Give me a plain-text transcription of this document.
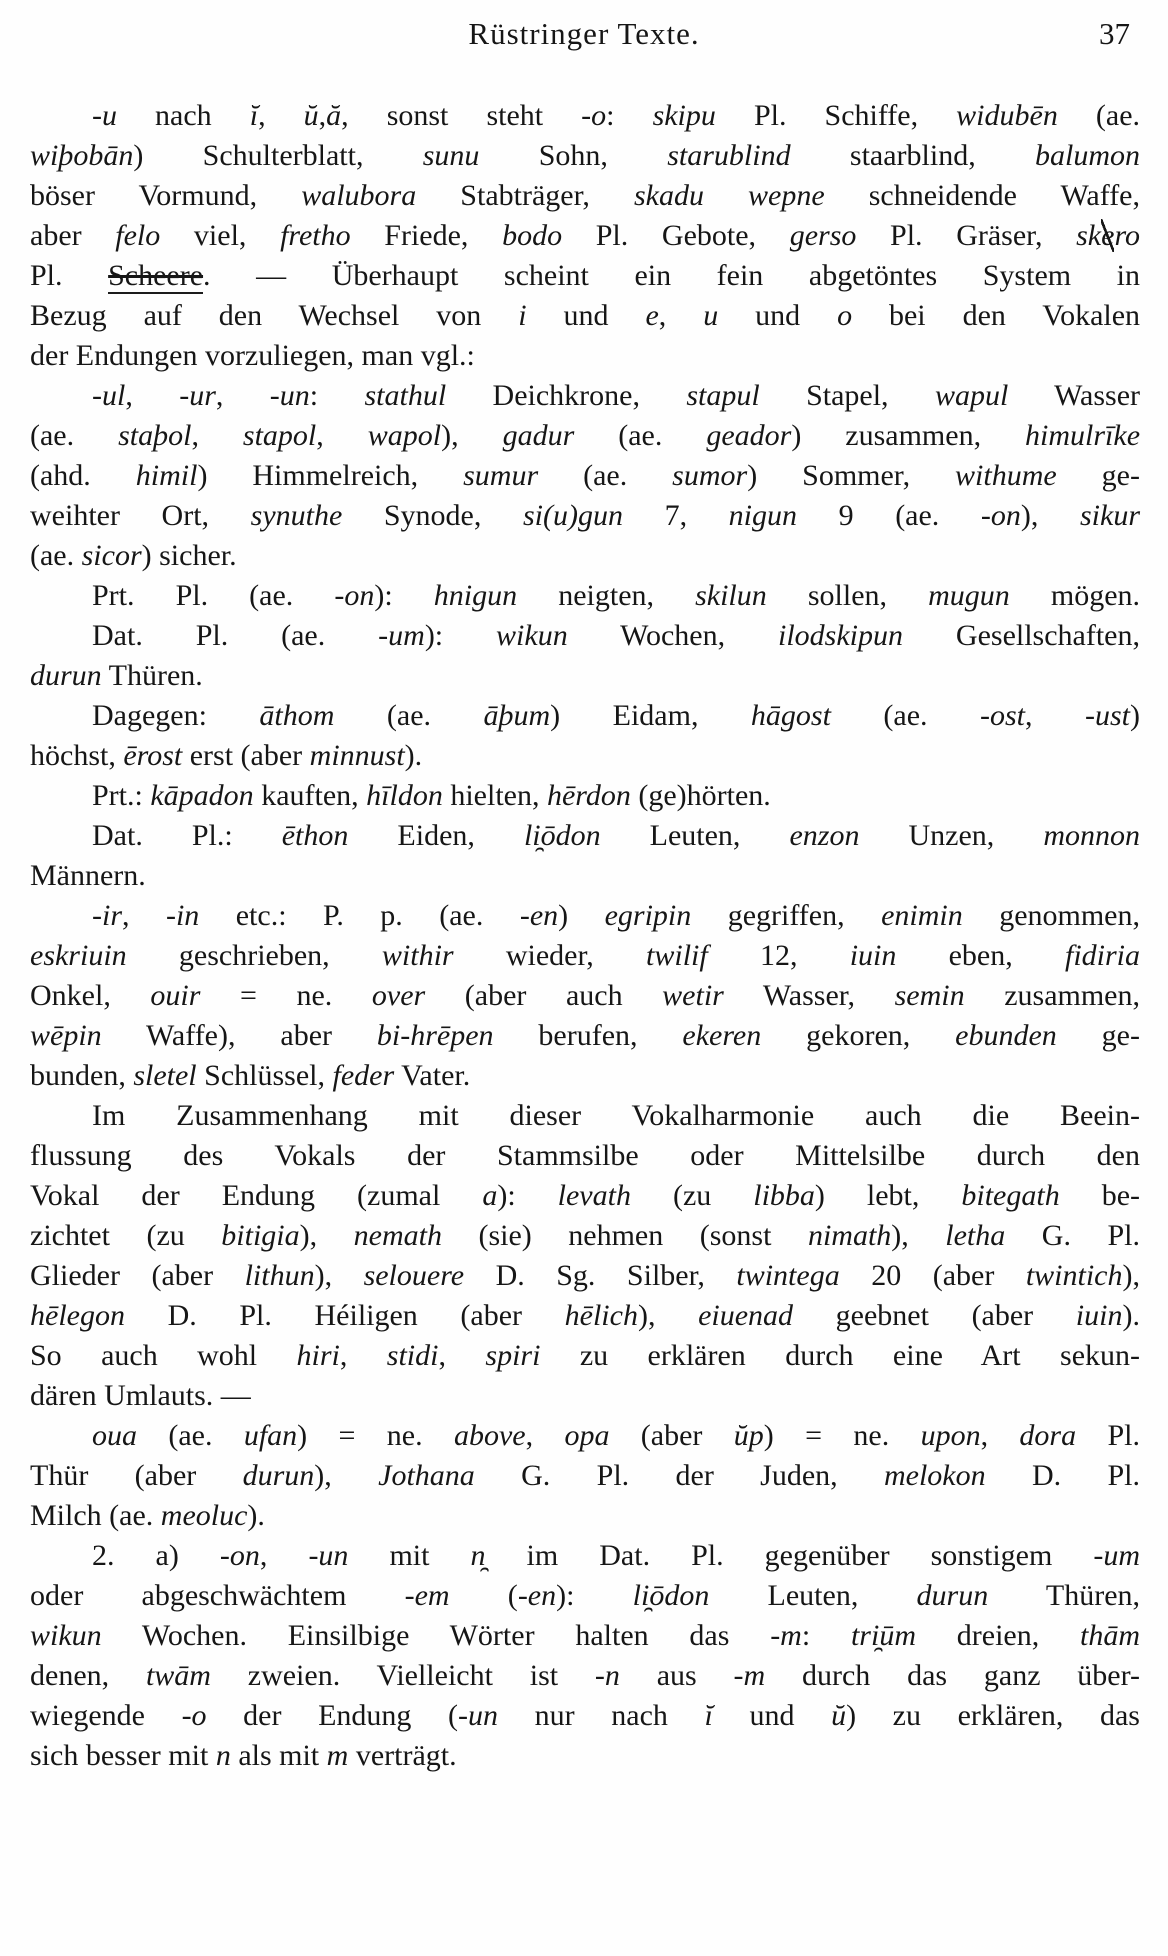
Rüstringer Texte.	37
-u nach ĭ, ŭ,ă, sonst steht -o: skipu Pl. Schiffe, widubēn (ae.
wiþobān) Schulterblatt, sunu Sohn, starublind staarblind, balumon
böser Vormund, walubora Stabträger, skadu wepne schneidende Waffe,
aber felo viel, fretho Friede, bodo Pl. Gebote, gerso Pl. Gräser, skero
Pl. Scheere. — Überhaupt scheint ein fein abgetöntes System in
Bezug auf den Wechsel von i und e, u und o bei den Vokalen
der Endungen vorzuliegen, man vgl.:
-ul, -ur, -un: stathul Deichkrone, stapul Stapel, wapul Wasser
(ae. staþol, stapol, wapol), gadur (ae. geador) zusammen, himulrīke
(ahd. himil) Himmelreich, sumur (ae. sumor) Sommer, withume ge-
weihter Ort, synuthe Synode, si(u)gun 7, nigun 9 (ae. -on), sikur
(ae. sicor) sicher.
Prt. Pl. (ae. -on): hnigun neigten, skilun sollen, mugun mögen.
Dat. Pl. (ae. -um): wikun Wochen, ilodskipun Gesellschaften,
durun Thüren.
Dagegen: āthom (ae. āþum) Eidam, hāgost (ae. -ost, -ust)
höchst, ērost erst (aber minnust).
Prt.: kāpadon kauften, hīldon hielten, hērdon (ge)hörten.
Dat. Pl.: ēthon Eiden, li̯ōdon Leuten, enzon Unzen, monnon
Männern.
-ir, -in etc.: P. p. (ae. -en) egripin gegriffen, enimin genommen,
eskriuin geschrieben, withir wieder, twilif 12, iuin eben, fidiria
Onkel, ouir = ne. over (aber auch wetir Wasser, semin zusammen,
wēpin Waffe), aber bi-hrēpen berufen, ekeren gekoren, ebunden ge-
bunden, sletel Schlüssel, feder Vater.
Im Zusammenhang mit dieser Vokalharmonie auch die Beein-
flussung des Vokals der Stammsilbe oder Mittelsilbe durch den
Vokal der Endung (zumal a): levath (zu libba) lebt, bitegath be-
zichtet (zu bitigia), nemath (sie) nehmen (sonst nimath), letha G. Pl.
Glieder (aber lithun), selouere D. Sg. Silber, twintega 20 (aber twintich),
hēlegon D. Pl. Héiligen (aber hēlich), eiuenad geebnet (aber iuin).
So auch wohl hiri, stidi, spiri zu erklären durch eine Art sekun-
dären Umlauts. —
oua (ae. ufan) = ne. above, opa (aber ŭp) = ne. upon, dora Pl.
Thür (aber durun), Jothana G. Pl. der Juden, melokon D. Pl.
Milch (ae. meoluc).
2. a) -on, -un mit n̯ im Dat. Pl. gegenüber sonstigem -um
oder abgeschwächtem -em (-en): li̯ōdon Leuten, durun Thüren,
wikun Wochen. Einsilbige Wörter halten das -m: tri̯ūm dreien, thām
denen, twām zweien. Vielleicht ist -n aus -m durch das ganz über-
wiegende -o der Endung (-un nur nach ĭ und ŭ) zu erklären, das
sich besser mit n als mit m verträgt.
